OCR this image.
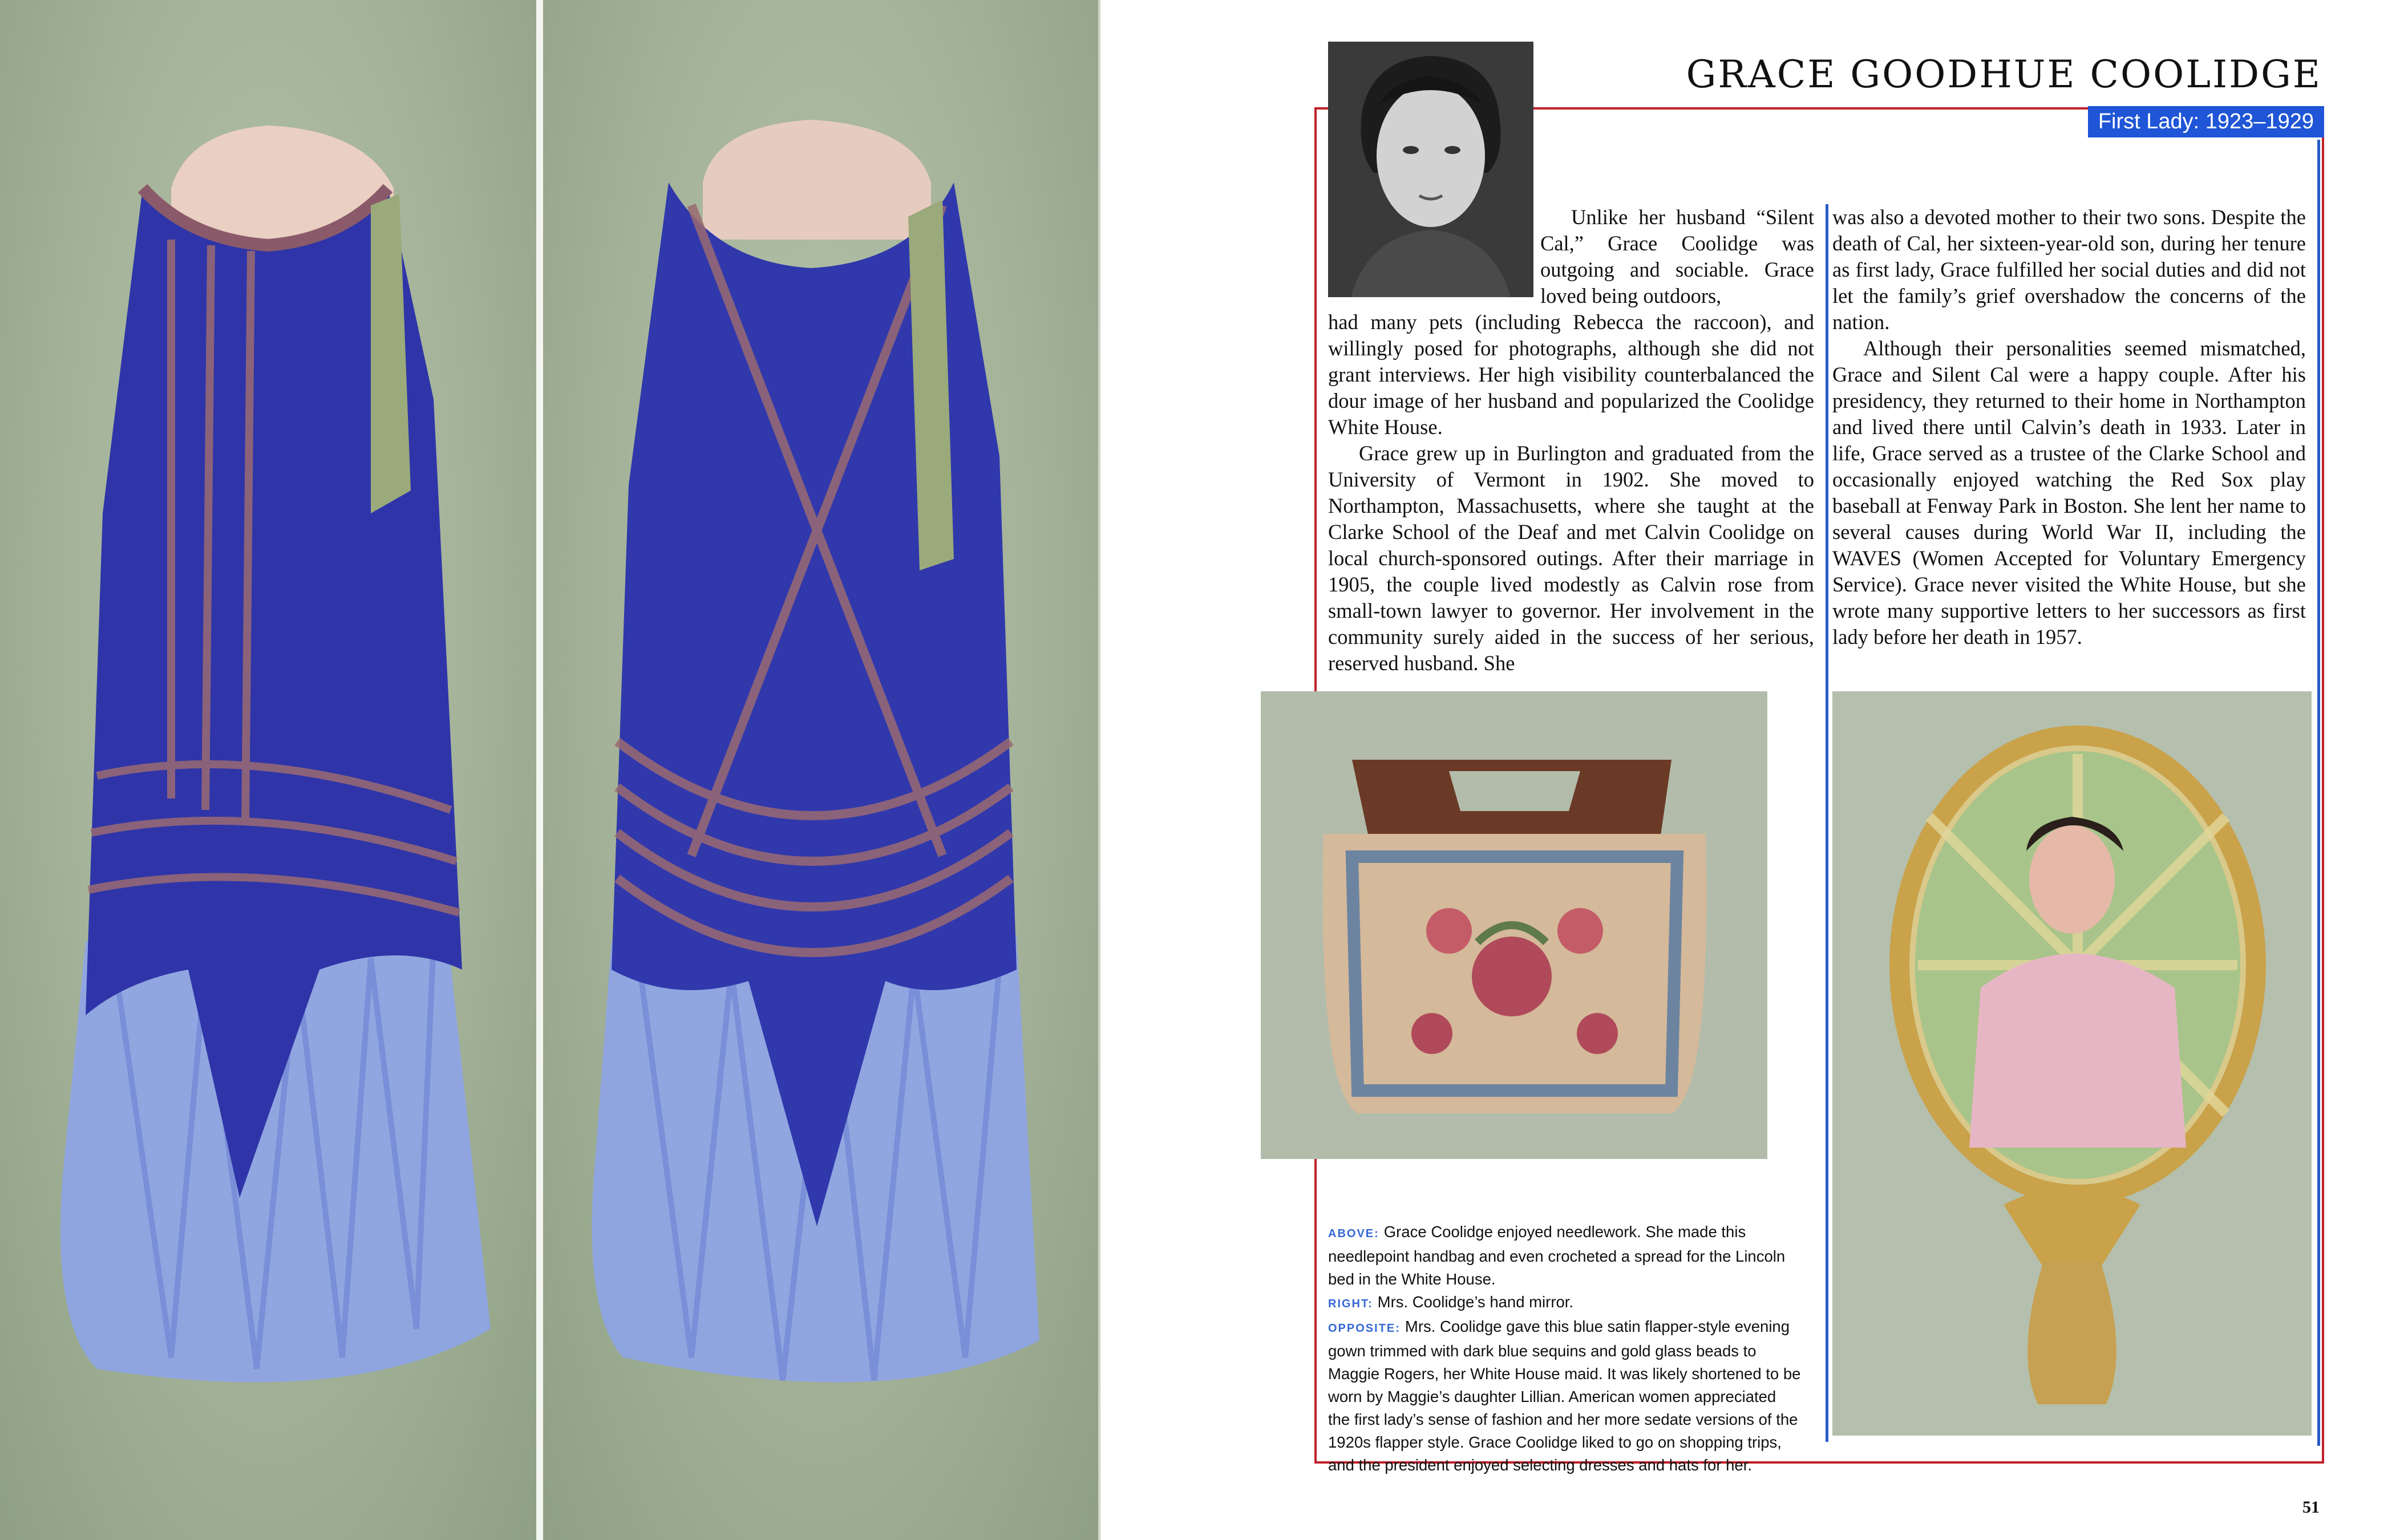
GRACE GOODHUE COOLIDGE
First Lady: 1923–1929

Unlike her husband “Silent Cal,” Grace Coolidge was outgoing and sociable. Grace loved being outdoors,

had many pets (including Rebecca the raccoon), and willingly posed for photographs, although she did not grant interviews. Her high visibility counterbalanced the dour image of her husband and popularized the Coolidge White House.

Grace grew up in Burlington and graduated from the University of Vermont in 1902. She moved to Northampton, Massachusetts, where she taught at the Clarke School of the Deaf and met Calvin Coolidge on local church-sponsored outings. After their marriage in 1905, the couple lived modestly as Calvin rose from small-town lawyer to governor. Her involvement in the community surely aided in the success of her serious, reserved husband. She

was also a devoted mother to their two sons. Despite the death of Cal, her sixteen-year-old son, during her tenure as first lady, Grace fulfilled her social duties and did not let the family’s grief overshadow the concerns of the nation.

Although their personalities seemed mismatched, Grace and Silent Cal were a happy couple. After his presidency, they returned to their home in Northampton and lived there until Calvin’s death in 1933. Later in life, Grace served as a trustee of the Clarke School and occasionally enjoyed watching the Red Sox play baseball at Fenway Park in Boston. She lent her name to several causes during World War II, including the WAVES (Women Accepted for Voluntary Emergency Service). Grace never visited the White House, but she wrote many supportive letters to her successors as first lady before her death in 1957.

ABOVE: Grace Coolidge enjoyed needlework. She made this needlepoint handbag and even crocheted a spread for the Lincoln bed in the White House.

RIGHT: Mrs. Coolidge’s hand mirror.

OPPOSITE: Mrs. Coolidge gave this blue satin flapper-style evening gown trimmed with dark blue sequins and gold glass beads to Maggie Rogers, her White House maid. It was likely shortened to be worn by Maggie’s daughter Lillian. American women appreciated the first lady’s sense of fashion and her more sedate versions of the 1920s flapper style. Grace Coolidge liked to go on shopping trips, and the president enjoyed selecting dresses and hats for her.

51
